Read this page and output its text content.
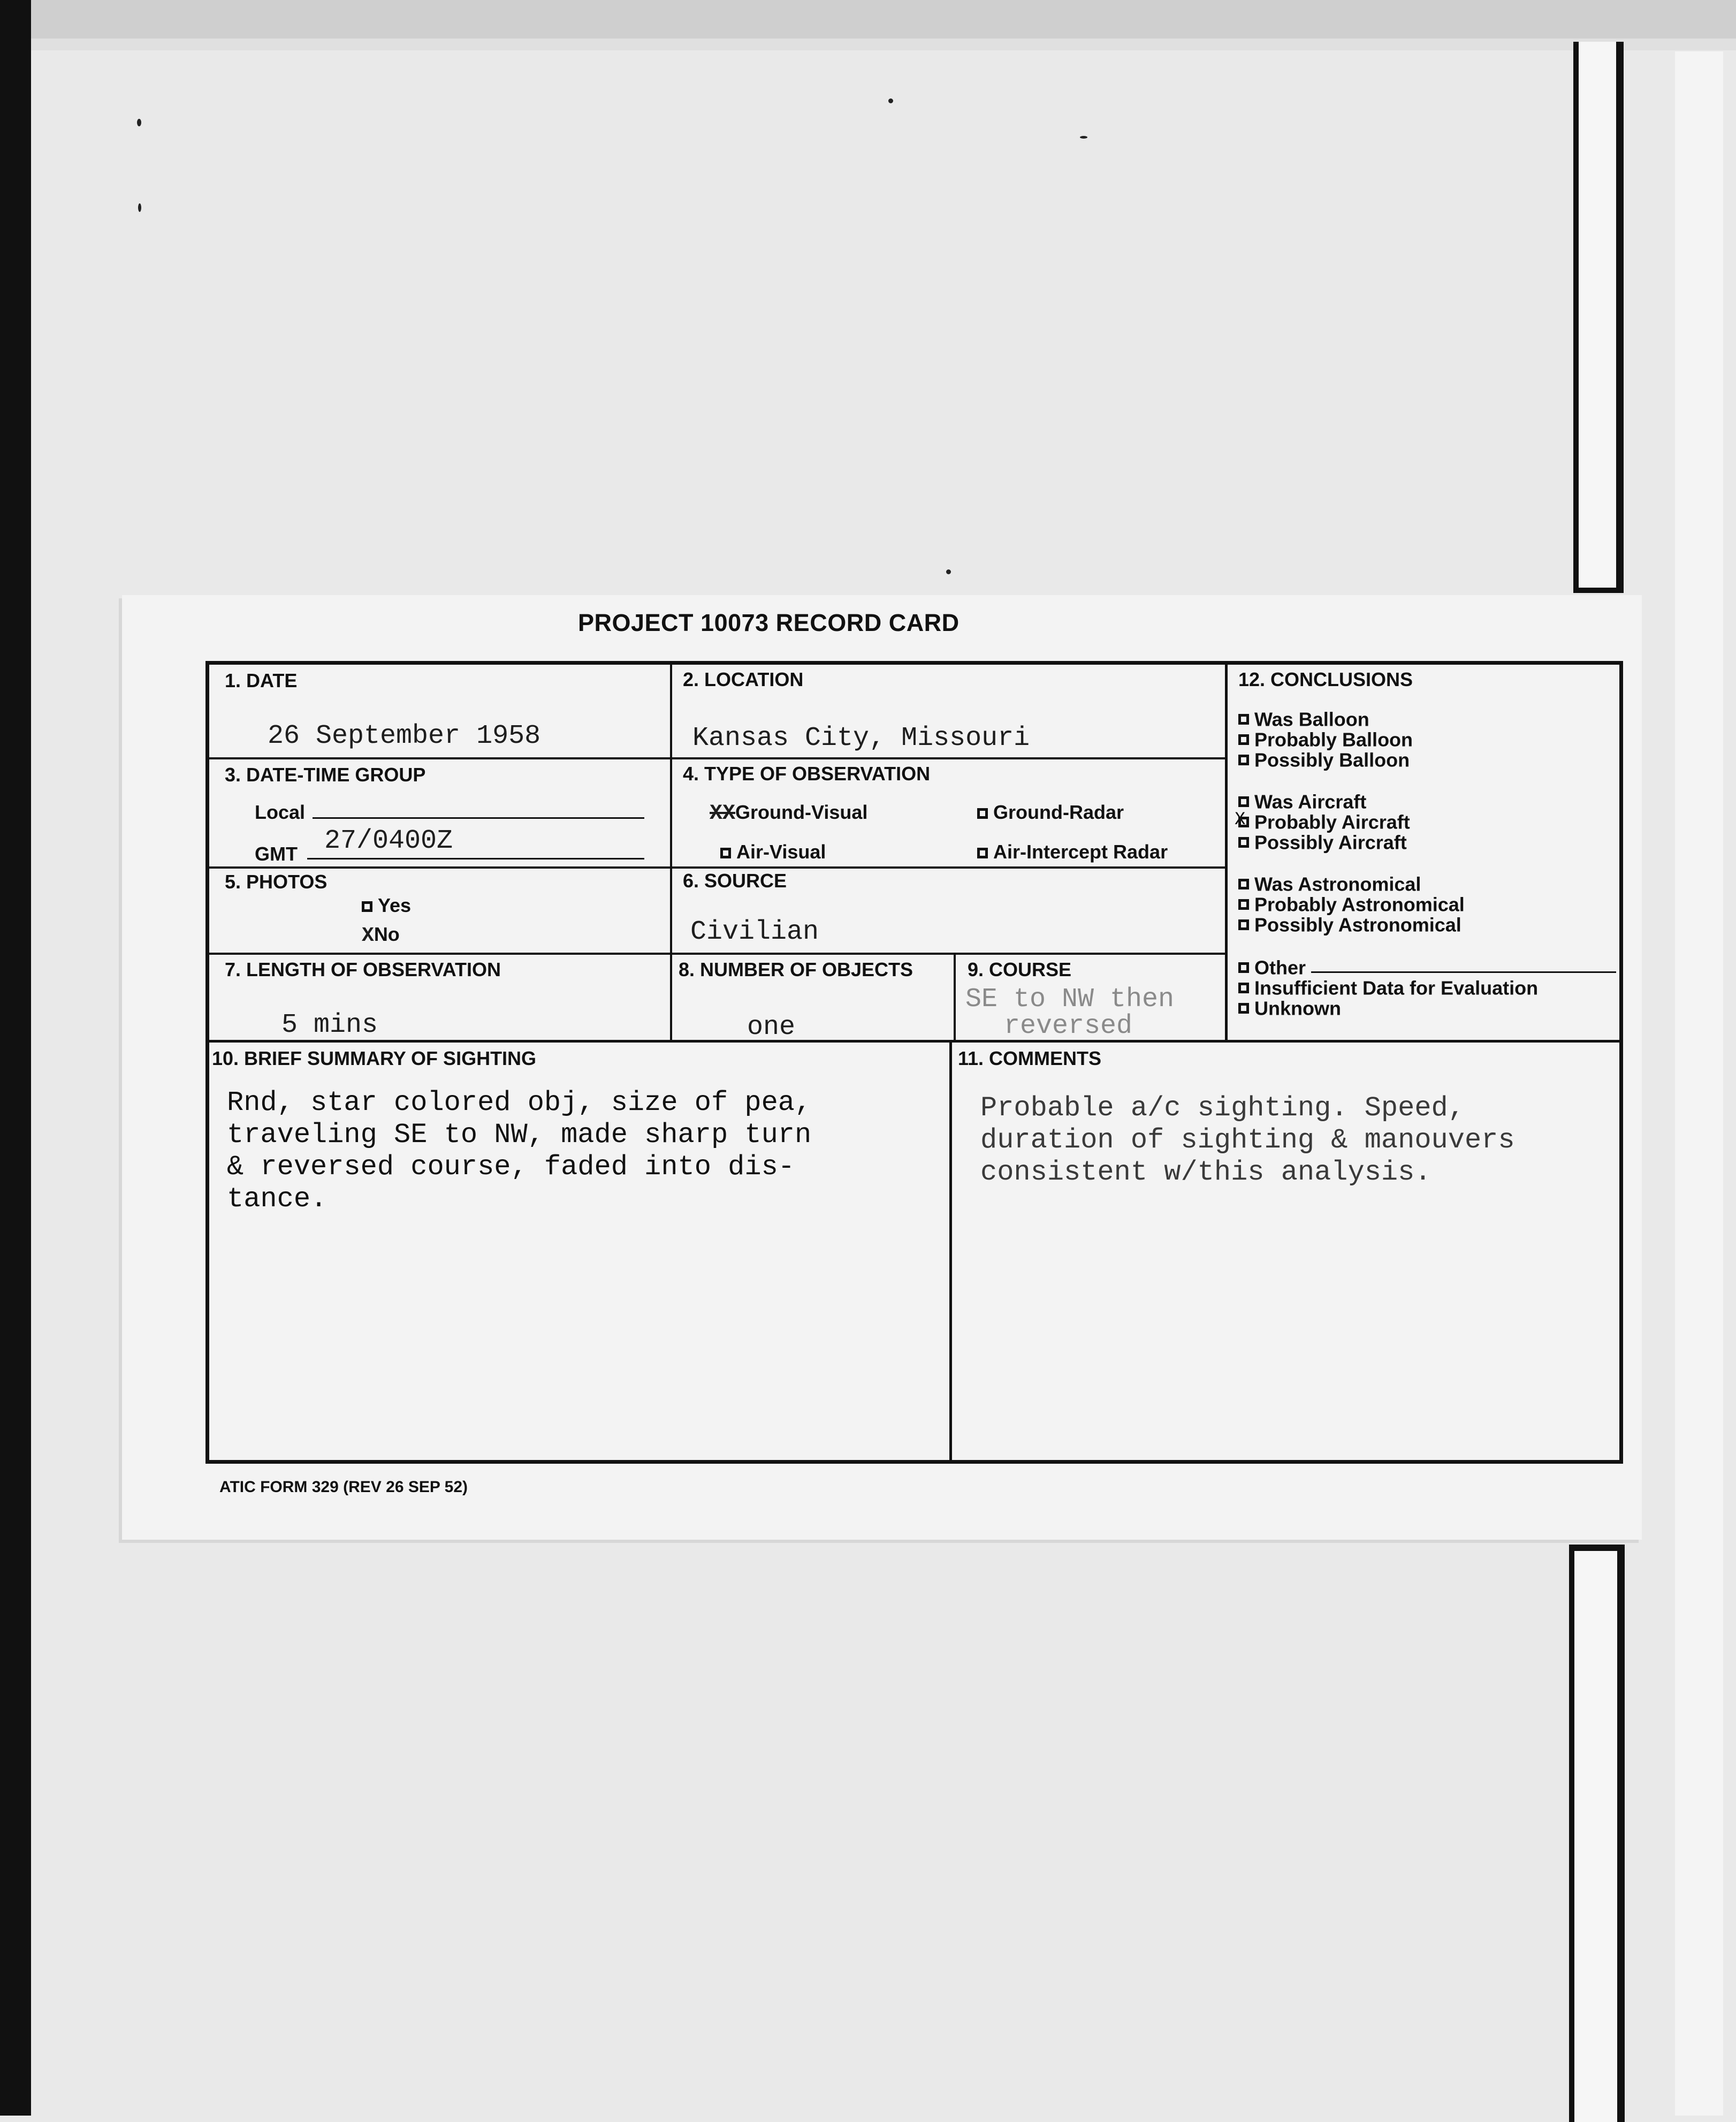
PROJECT 10073 RECORD CARD
1. DATE
26 September 1958
2. LOCATION
Kansas City, Missouri
3. DATE-TIME GROUP
Local
GMT 27/0400Z
4. TYPE OF OBSERVATION
XXGround-Visual	Ground-Radar
Air-Visual	Air-Intercept Radar
5. PHOTOS
Yes
XNo
6. SOURCE
Civilian
7. LENGTH OF OBSERVATION
5 mins
8. NUMBER OF OBJECTS
one
9. COURSE
SE to NW then
reversed
12. CONCLUSIONS
Was Balloon
Probably Balloon
Possibly Balloon
Was Aircraft
X Probably Aircraft
Possibly Aircraft
Was Astronomical
Probably Astronomical
Possibly Astronomical
Other
Insufficient Data for Evaluation
Unknown
10. BRIEF SUMMARY OF SIGHTING
Rnd, star colored obj, size of pea,
traveling SE to NW, made sharp turn
& reversed course, faded into dis-
tance.
11. COMMENTS
Probable a/c sighting. Speed,
duration of sighting & manouvers
consistent w/this analysis.
ATIC FORM 329 (REV 26 SEP 52)
